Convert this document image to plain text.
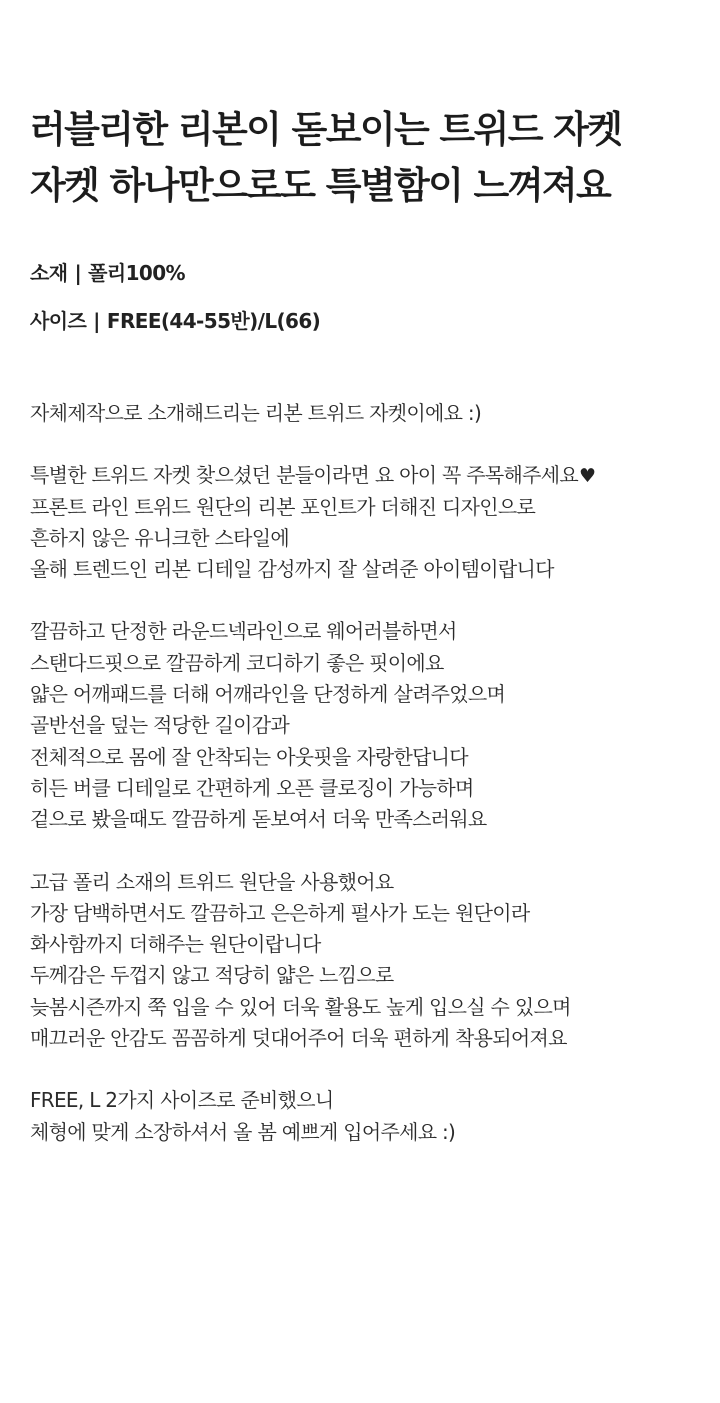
러블리한 리본이 돋보이는 트위드 자켓
자켓 하나만으로도 특별함이 느껴져요
소재 | 폴리100%
사이즈 | FREE(44-55반)/L(66)
자체제작으로 소개해드리는 리본 트위드 자켓이에요 :)
특별한 트위드 자켓 찾으셨던 분들이라면 요 아이 꼭 주목해주세요♥
프론트 라인 트위드 원단의 리본 포인트가 더해진 디자인으로
흔하지 않은 유니크한 스타일에
올해 트렌드인 리본 디테일 감성까지 잘 살려준 아이템이랍니다
깔끔하고 단정한 라운드넥라인으로 웨어러블하면서
스탠다드핏으로 깔끔하게 코디하기 좋은 핏이에요
얇은 어깨패드를 더해 어깨라인을 단정하게 살려주었으며
골반선을 덮는 적당한 길이감과
전체적으로 몸에 잘 안착되는 아웃핏을 자랑한답니다
히든 버클 디테일로 간편하게 오픈 클로징이 가능하며
겉으로 봤을때도 깔끔하게 돋보여서 더욱 만족스러워요
고급 폴리 소재의 트위드 원단을 사용했어요
가장 담백하면서도 깔끔하고 은은하게 펄사가 도는 원단이라
화사함까지 더해주는 원단이랍니다
두께감은 두껍지 않고 적당히 얇은 느낌으로
늦봄시즌까지 쭉 입을 수 있어 더욱 활용도 높게 입으실 수 있으며
매끄러운 안감도 꼼꼼하게 덧대어주어 더욱 편하게 착용되어져요
FREE, L 2가지 사이즈로 준비했으니
체형에 맞게 소장하셔서 올 봄 예쁘게 입어주세요 :)
